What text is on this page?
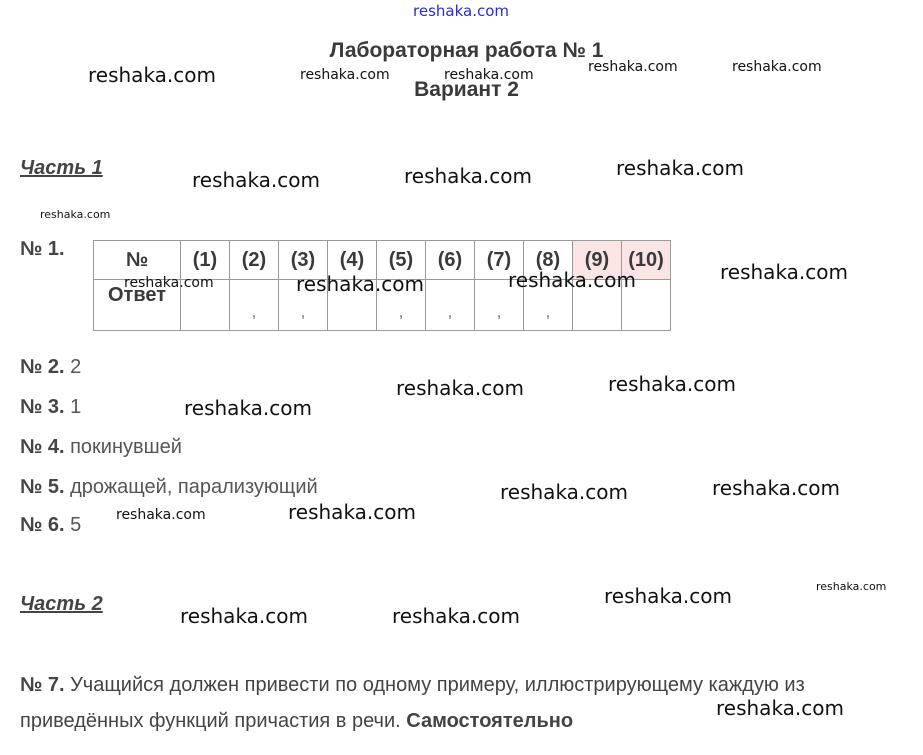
reshaka.com
Лабораторная работа № 1
Вариант 2
Часть 1
№ 1.	№	(1)	(2)	(3)	(4)	(5)	(6)	(7)	(8)	(9)	(10)
Ответ		,	,		,	,	,	,		
№ 2. 2
№ 3. 1
№ 4. покинувшей
№ 5. дрожащей, парализующий
№ 6. 5
Часть 2
№ 7. Учащийся должен привести по одному примеру, иллюстрирующему каждую из
приведённых функций причастия в речи. Самостоятельно
reshaka.com	reshaka.com	reshaka.com	reshaka.com	reshaka.com
reshaka.com	reshaka.com	reshaka.com
reshaka.com
reshaka.com	reshaka.com	reshaka.com	reshaka.com
reshaka.com	reshaka.com
reshaka.com
reshaka.com	reshaka.com
reshaka.com
reshaka.com
reshaka.com
reshaka.com
reshaka.com	reshaka.com
reshaka.com
